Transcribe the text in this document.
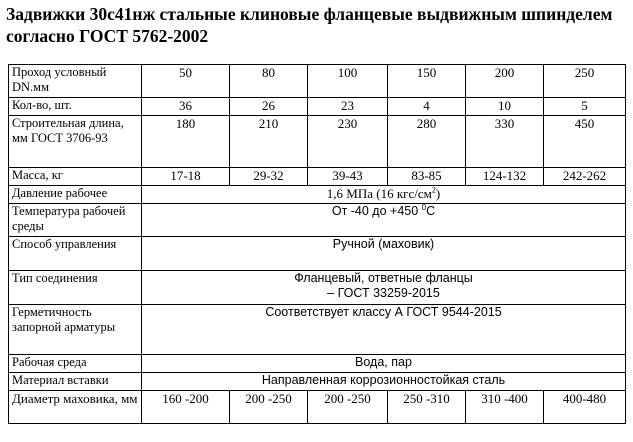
Задвижки 30с41нж стальные клиновые фланцевые выдвижным шпинделем согласно ГОСТ 5762-2002
Проход условный DN.мм	50	80	100	150	200	250
Кол-во, шт.	36	26	23	4	10	5
Строительная длина, мм ГОСТ 3706-93	180	210	230	280	330	450
Масса, кг	17-18	29-32	39-43	83-85	124-132	242-262
Давление рабочее	1,6 МПа (16 кгс/$см^2$)					
Температура рабочей среды	От -40 до +450 $^0$С					
Способ управления	Ручной (маховик)					
Тип соединения	Фланцевый, ответные фланцы
– ГОСТ 33259-2015					

Герметичность запорной арматуры	Соответствует классу А ГОСТ 9544-2015					
Рабочая среда	Вода, пар					
Материал вставки	Направленная коррозионностойкая сталь					
Диаметр маховика, мм	160 -200	200 -250	200 -250	250 -310	310 -400	400-480
